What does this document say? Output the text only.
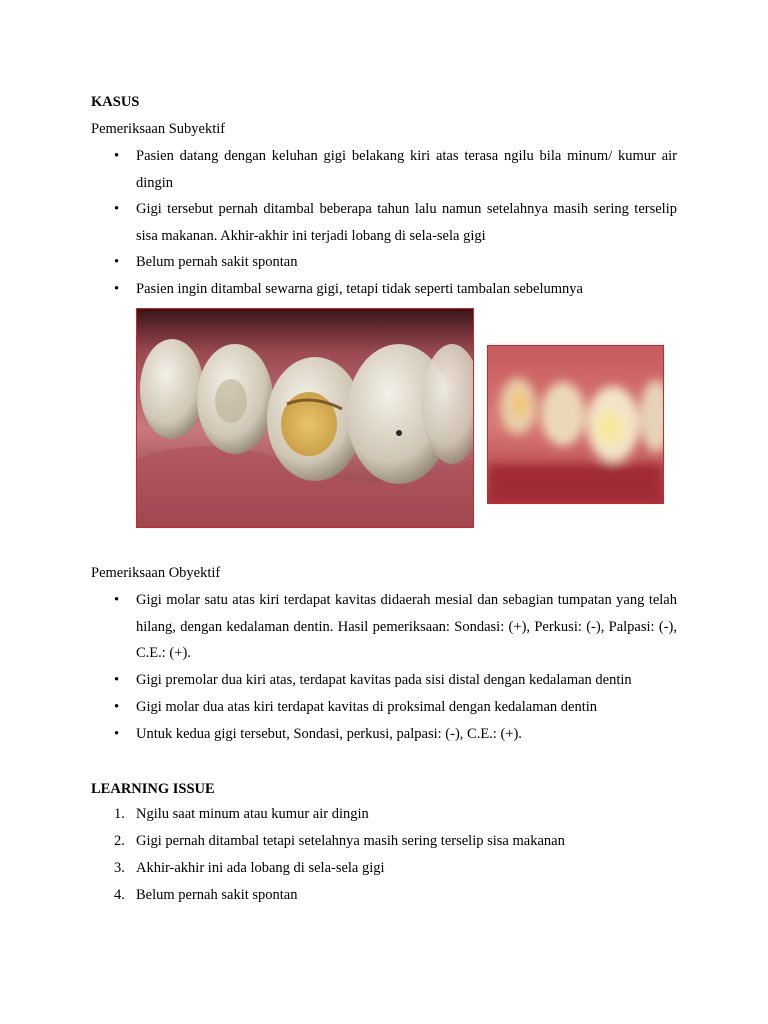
KASUS
Pemeriksaan Subyektif
•	Pasien datang dengan keluhan gigi belakang kiri atas terasa ngilu bila minum/ kumur air dingin
•	Gigi tersebut pernah ditambal beberapa tahun lalu namun setelahnya masih sering terselip sisa makanan. Akhir-akhir ini terjadi lobang di sela-sela gigi
•	Belum pernah sakit spontan
•	Pasien ingin ditambal sewarna gigi, tetapi tidak seperti tambalan sebelumnya
Pemeriksaan Obyektif
•	Gigi molar satu atas kiri terdapat kavitas didaerah mesial dan sebagian tumpatan yang telah hilang, dengan kedalaman dentin. Hasil pemeriksaan: Sondasi: (+), Perkusi: (-), Palpasi: (-), C.E.: (+).
•	Gigi premolar dua kiri atas, terdapat kavitas pada sisi distal dengan kedalaman dentin
•	Gigi molar dua atas kiri terdapat kavitas di proksimal dengan kedalaman dentin
•	Untuk kedua gigi tersebut, Sondasi, perkusi, palpasi: (-), C.E.: (+).
LEARNING ISSUE
1. Ngilu saat minum atau kumur air dingin
2. Gigi pernah ditambal tetapi setelahnya masih sering terselip sisa makanan
3. Akhir-akhir ini ada lobang di sela-sela gigi
4. Belum pernah sakit spontan
